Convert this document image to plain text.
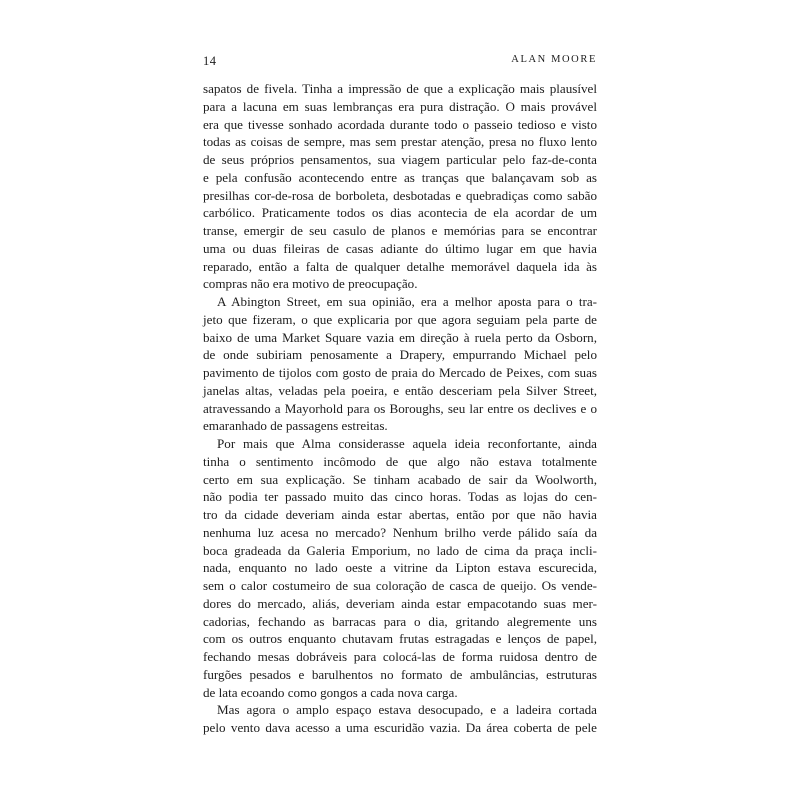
14	ALAN MOORE
sapatos de fivela. Tinha a impressão de que a explicação mais plausível
para a lacuna em suas lembranças era pura distração. O mais provável
era que tivesse sonhado acordada durante todo o passeio tedioso e visto
todas as coisas de sempre, mas sem prestar atenção, presa no fluxo lento
de seus próprios pensamentos, sua viagem particular pelo faz-de-conta
e pela confusão acontecendo entre as tranças que balançavam sob as
presilhas cor-de-rosa de borboleta, desbotadas e quebradiças como sabão
carbólico. Praticamente todos os dias acontecia de ela acordar de um
transe, emergir de seu casulo de planos e memórias para se encontrar
uma ou duas fileiras de casas adiante do último lugar em que havia
reparado, então a falta de qualquer detalhe memorável daquela ida às
compras não era motivo de preocupação.
A Abington Street, em sua opinião, era a melhor aposta para o tra-
jeto que fizeram, o que explicaria por que agora seguiam pela parte de
baixo de uma Market Square vazia em direção à ruela perto da Osborn,
de onde subiriam penosamente a Drapery, empurrando Michael pelo
pavimento de tijolos com gosto de praia do Mercado de Peixes, com suas
janelas altas, veladas pela poeira, e então desceriam pela Silver Street,
atravessando a Mayorhold para os Boroughs, seu lar entre os declives e o
emaranhado de passagens estreitas.
Por mais que Alma considerasse aquela ideia reconfortante, ainda
tinha o sentimento incômodo de que algo não estava totalmente
certo em sua explicação. Se tinham acabado de sair da Woolworth,
não podia ter passado muito das cinco horas. Todas as lojas do cen-
tro da cidade deveriam ainda estar abertas, então por que não havia
nenhuma luz acesa no mercado? Nenhum brilho verde pálido saía da
boca gradeada da Galeria Emporium, no lado de cima da praça incli-
nada, enquanto no lado oeste a vitrine da Lipton estava escurecida,
sem o calor costumeiro de sua coloração de casca de queijo. Os vende-
dores do mercado, aliás, deveriam ainda estar empacotando suas mer-
cadorias, fechando as barracas para o dia, gritando alegremente uns
com os outros enquanto chutavam frutas estragadas e lenços de papel,
fechando mesas dobráveis para colocá-las de forma ruidosa dentro de
furgões pesados e barulhentos no formato de ambulâncias, estruturas
de lata ecoando como gongos a cada nova carga.
Mas agora o amplo espaço estava desocupado, e a ladeira cortada
pelo vento dava acesso a uma escuridão vazia. Da área coberta de pele
